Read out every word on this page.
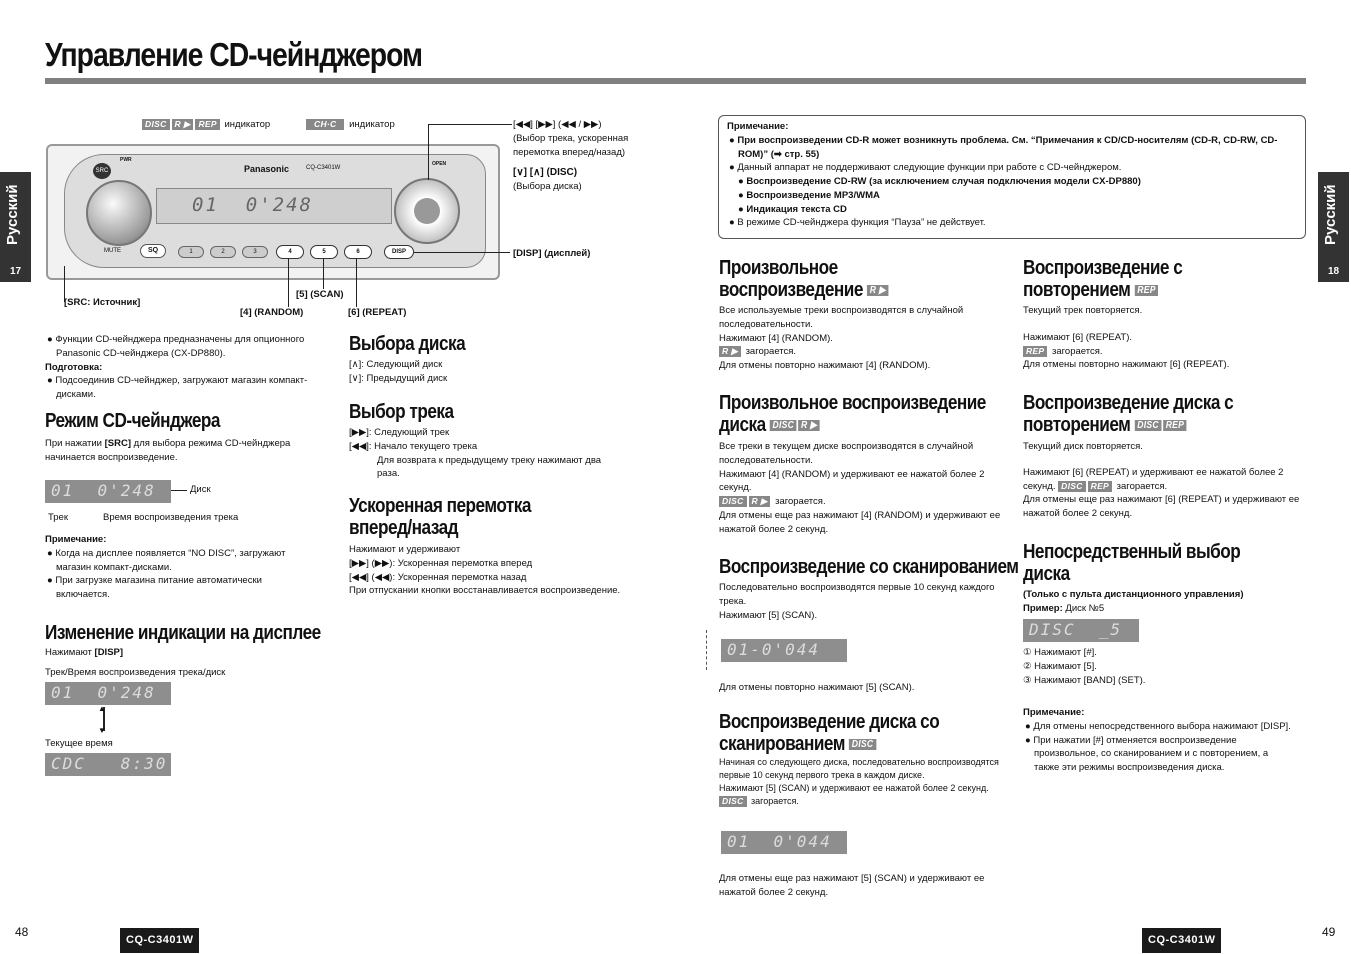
Управление CD-чейнджером
Русский
17
Русский
18
DISC R ▶ REP индикатор	CH·C индикатор
SRC
PWR
Panasonic	CQ-C3401W
01  0'248
OPEN
MUTE	SQ	1	2	3	4	5	6	DISP
[◀◀] [▶▶] (◀◀ / ▶▶)
(Выбор трека, ускоренная перемотка вперед/назад)
[∨] [∧] (DISC)
(Выбора диска)
[DISP] (дисплей)
[SRC: Источник]
[4] (RANDOM)
[5] (SCAN)
[6] (REPEAT)
● Функции CD-чейнджера предназначены для опционного Panasonic CD-чейнджера (CX-DP880).
Подготовка:
● Подсоединив CD-чейнджер, загружают магазин компакт-дисками.
Режим CD-чейнджера
При нажатии [SRC] для выбора режима CD-чейнджера начинается воспроизведение.
01  0'248	Диск
Трек	Время воспроизведения трека
Примечание:
● Когда на дисплее появляется “NO DISC”, загружают магазин компакт-дисками.
● При загрузке магазина питание автоматически включается.
Изменение индикации на дисплее
Нажимают [DISP]
Трек/Время воспроизведения трека/диск
01  0'248
▲
▼
Текущее время
CDC   8:30
Выбора диска
[∧]: Следующий диск
[∨]: Предыдущий диск
Выбор трека
[▶▶]: Следующий трек
[◀◀]: Начало текущего трека
Для возврата к предыдущему треку нажимают два раза.
Ускоренная перемотка
вперед/назад
Нажимают и удерживают
[▶▶] (▶▶): Ускоренная перемотка вперед
[◀◀] (◀◀): Ускоренная перемотка назад
При отпускании кнопки восстанавливается воспроизведение.
48
CQ-C3401W
Примечание:
● При воспроизведении CD-R может возникнуть проблема. См. “Примечания к CD/CD-носителям (CD-R, CD-RW, CD-ROM)” (➡ стр. 55)
● Данный аппарат не поддерживают следующие функции при работе с CD-чейнджером.
● Воспроизведение CD-RW (за исключением случая подключения модели CX-DP880)
● Воспроизведение MP3/WMA
● Индикация текста CD
● В режиме CD-чейнджера функция “Пауза” не действует.
Произвольное
воспроизведение R ▶
Все используемые треки воспроизводятся в случайной последовательности.
Нажимают [4] (RANDOM).
R ▶ загорается.
Для отмены повторно нажимают [4] (RANDOM).
Произвольное воспроизведение
диска DISC R ▶
Все треки в текущем диске воспроизводятся в случайной последовательности.
Нажимают [4] (RANDOM) и удерживают ее нажатой более 2 секунд.
DISC R ▶ загорается.
Для отмены еще раз нажимают [4] (RANDOM) и удерживают ее нажатой более 2 секунд.
Воспроизведение со сканированием
Последовательно воспроизводятся первые 10 секунд каждого трека.
Нажимают [5] (SCAN).
01-0'044
Для отмены повторно нажимают [5] (SCAN).
Воспроизведение диска со
сканированием DISC
Начиная со следующего диска, последовательно воспроизводятся первые 10 секунд первого трека в каждом диске.
Нажимают [5] (SCAN) и удерживают ее нажатой более 2 секунд. DISC загорается.
01  0'044
Для отмены еще раз нажимают [5] (SCAN) и удерживают ее нажатой более 2 секунд.
49
CQ-C3401W
Воспроизведение с
повторением REP
Текущий трек повторяется.
Нажимают [6] (REPEAT).
REP загорается.
Для отмены повторно нажимают [6] (REPEAT).
Воспроизведение диска с
повторением DISC REP
Текущий диск повторяется.
Нажимают [6] (REPEAT) и удерживают ее нажатой более 2 секунд. DISC REP загорается.
Для отмены еще раз нажимают [6] (REPEAT) и удерживают ее нажатой более 2 секунд.
Непосредственный выбор
диска
(Только с пульта дистанционного управления)
Пример: Диск №5
DISC  _5
① Нажимают [#].
② Нажимают [5].
③ Нажимают [BAND] (SET).
Примечание:
● Для отмены непосредственного выбора нажимают [DISP].
● При нажатии [#] отменяется воспроизведение произвольное, со сканированием и с повторением, а также эти режимы воспроизведения диска.
